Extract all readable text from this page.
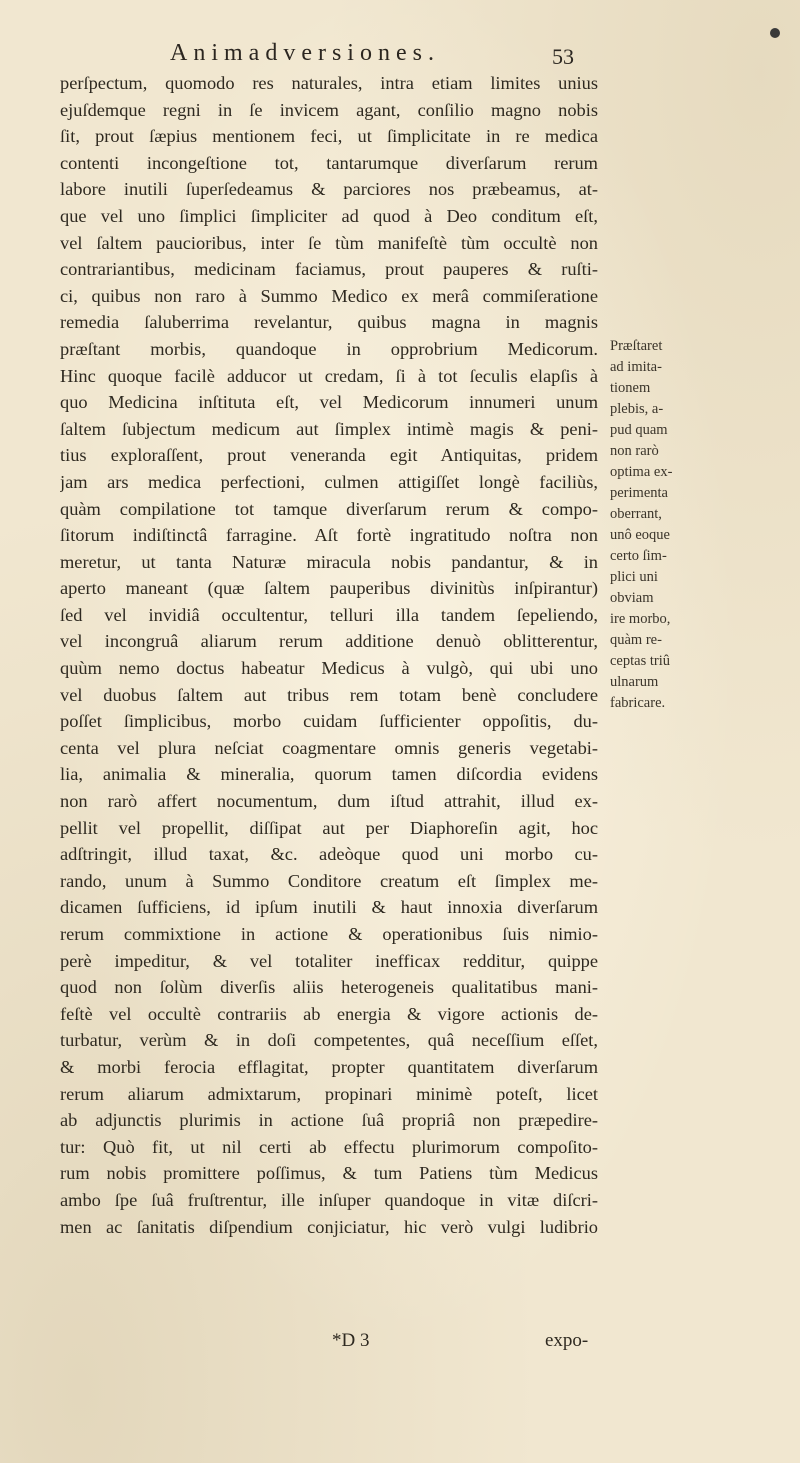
Animadversiones.	53
perſpectum, quomodo res naturales, intra etiam limites unius
ejuſdemque regni in ſe invicem agant, conſilio magno nobis
ſit, prout ſæpius mentionem feci, ut ſimplicitate in re medica
contenti incongeſtione tot, tantarumque diverſarum rerum
labore inutili ſuperſedeamus & parciores nos præbeamus, at-
que vel uno ſimplici ſimpliciter ad quod à Deo conditum eſt,
vel ſaltem paucioribus, inter ſe tùm manifeſtè tùm occultè non
contrariantibus, medicinam faciamus, prout pauperes & ruſti-
ci, quibus non raro à Summo Medico ex merâ commiſeratione
remedia ſaluberrima revelantur, quibus magna in magnis
præſtant morbis, quandoque in opprobrium Medicorum.
Hinc quoque facilè adducor ut credam, ſi à tot ſeculis elapſis à
quo Medicina inſtituta eſt, vel Medicorum innumeri unum
ſaltem ſubjectum medicum aut ſimplex intimè magis & peni-
tius exploraſſent, prout veneranda egit Antiquitas, pridem
jam ars medica perfectioni, culmen attigiſſet longè faciliùs,
quàm compilatione tot tamque diverſarum rerum & compo-
ſitorum indiſtinctâ farragine. Aſt fortè ingratitudo noſtra non
meretur, ut tanta Naturæ miracula nobis pandantur, & in
aperto maneant (quæ ſaltem pauperibus divinitùs inſpirantur)
ſed vel invidiâ occultentur, telluri illa tandem ſepeliendo,
vel incongruâ aliarum rerum additione denuò oblitterentur,
quùm nemo doctus habeatur Medicus à vulgò, qui ubi uno
vel duobus ſaltem aut tribus rem totam benè concludere
poſſet ſimplicibus, morbo cuidam ſufficienter oppoſitis, du-
centa vel plura neſciat coagmentare omnis generis vegetabi-
lia, animalia & mineralia, quorum tamen diſcordia evidens
non rarò affert nocumentum, dum iſtud attrahit, illud ex-
pellit vel propellit, diſſipat aut per Diaphoreſin agit, hoc
adſtringit, illud taxat, &c. adeòque quod uni morbo cu-
rando, unum à Summo Conditore creatum eſt ſimplex me-
dicamen ſufficiens, id ipſum inutili & haut innoxia diverſarum
rerum commixtione in actione & operationibus ſuis nimio-
perè impeditur, & vel totaliter inefficax redditur, quippe
quod non ſolùm diverſis aliis heterogeneis qualitatibus mani-
feſtè vel occultè contrariis ab energia & vigore actionis de-
turbatur, verùm & in doſi competentes, quâ neceſſium eſſet,
& morbi ferocia efflagitat, propter quantitatem diverſarum
rerum aliarum admixtarum, propinari minimè poteſt, licet
ab adjunctis plurimis in actione ſuâ propriâ non præpedire-
tur: Quò fit, ut nil certi ab effectu plurimorum compoſito-
rum nobis promittere poſſimus, & tum Patiens tùm Medicus
ambo ſpe ſuâ fruſtrentur, ille inſuper quandoque in vitæ diſcri-
men ac ſanitatis diſpendium conjiciatur, hic verò vulgi ludibrio
Præſtaret
ad imita-
tionem
plebis, a-
pud quam
non rarò
optima ex-
perimenta
oberrant,
unô eoque
certo ſim-
plici uni
obviam
ire morbo,
quàm re-
ceptas triû
ulnarum
fabricare.
*D 3	expo-
